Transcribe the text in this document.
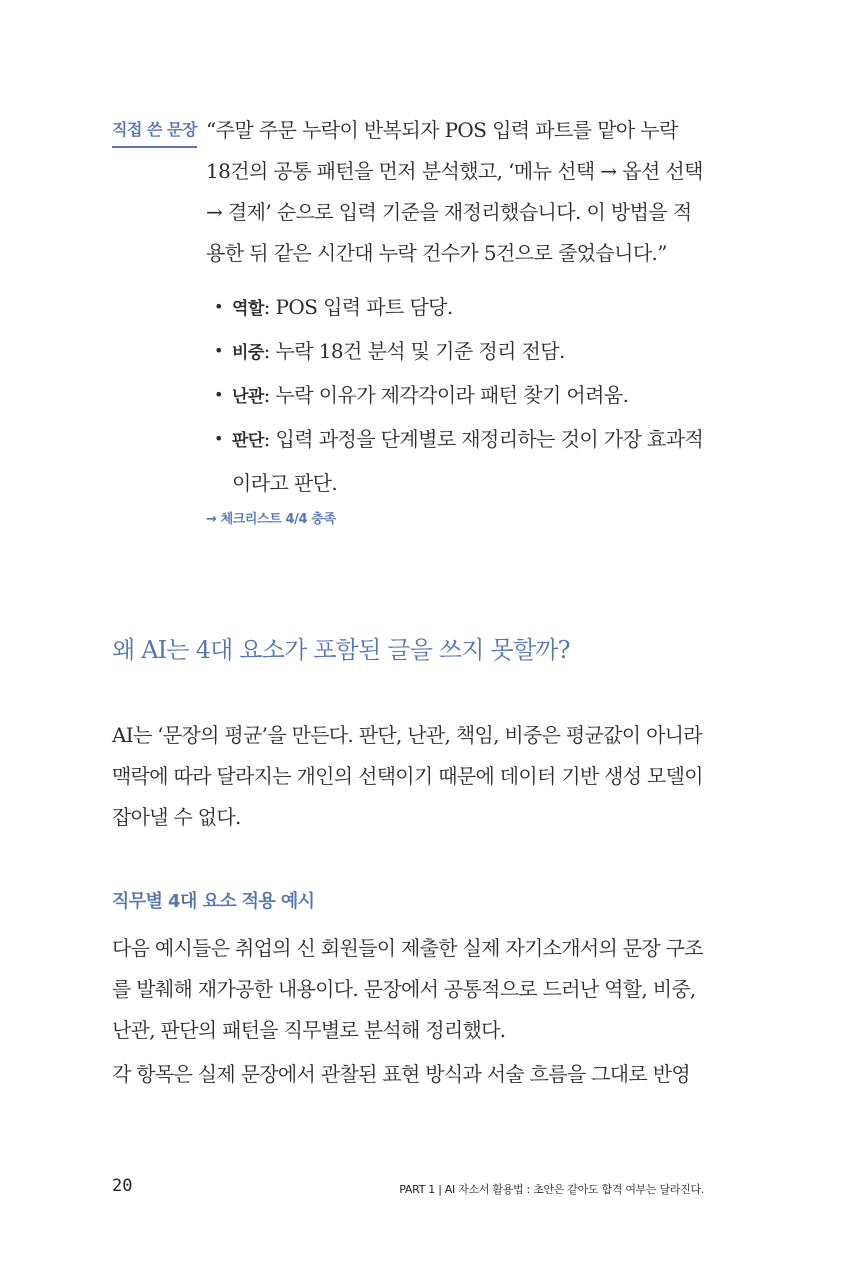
직접 쓴 문장 “주말 주문 누락이 반복되자 POS 입력 파트를 맡아 누락 18건의 공통 패턴을 먼저 분석했고, ‘메뉴 선택 → 옵션 선택 → 결제’ 순으로 입력 기준을 재정리했습니다. 이 방법을 적용한 뒤 같은 시간대 누락 건수가 5건으로 줄었습니다.”
• 역할: POS 입력 파트 담당.
• 비중: 누락 18건 분석 및 기준 정리 전담.
• 난관: 누락 이유가 제각각이라 패턴 찾기 어려움.
• 판단: 입력 과정을 단계별로 재정리하는 것이 가장 효과적이라고 판단.
→ 체크리스트 4/4 충족
왜 AI는 4대 요소가 포함된 글을 쓰지 못할까?
AI는 ‘문장의 평균’을 만든다. 판단, 난관, 책임, 비중은 평균값이 아니라 맥락에 따라 달라지는 개인의 선택이기 때문에 데이터 기반 생성 모델이 잡아낼 수 없다.
직무별 4대 요소 적용 예시
다음 예시들은 취업의 신 회원들이 제출한 실제 자기소개서의 문장 구조를 발췌해 재가공한 내용이다. 문장에서 공통적으로 드러난 역할, 비중, 난관, 판단의 패턴을 직무별로 분석해 정리했다.
각 항목은 실제 문장에서 관찰된 표현 방식과 서술 흐름을 그대로 반영
20	PART 1 | AI 자소서 활용법 : 초안은 같아도 합격 여부는 달라진다.
